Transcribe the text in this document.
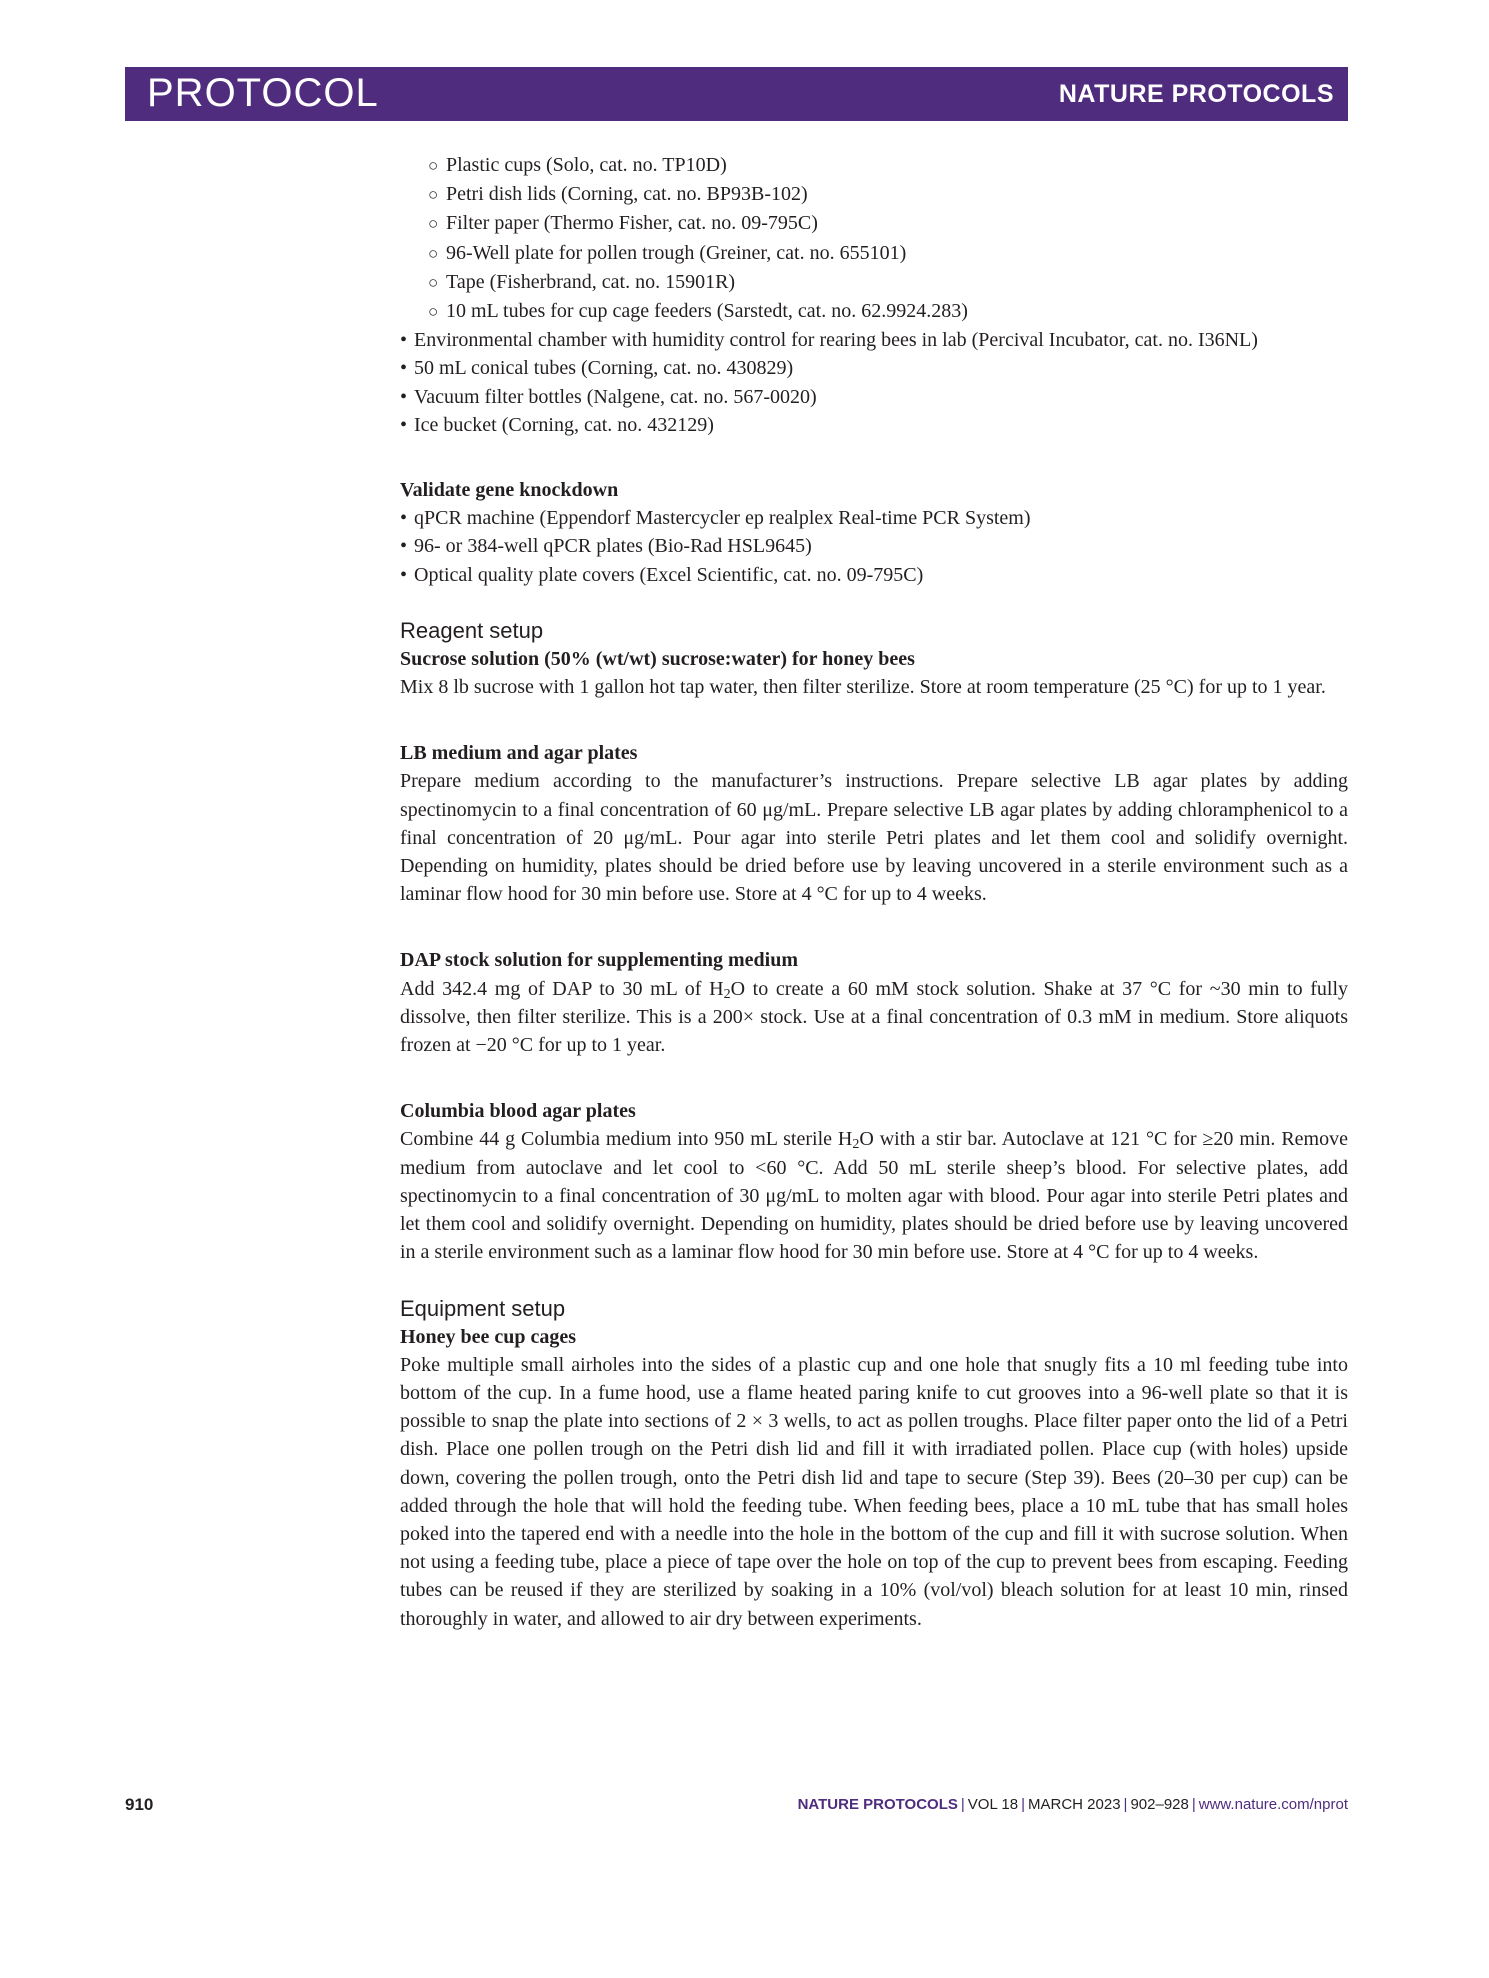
PROTOCOL	NATURE PROTOCOLS
○ Plastic cups (Solo, cat. no. TP10D)
○ Petri dish lids (Corning, cat. no. BP93B-102)
○ Filter paper (Thermo Fisher, cat. no. 09-795C)
○ 96-Well plate for pollen trough (Greiner, cat. no. 655101)
○ Tape (Fisherbrand, cat. no. 15901R)
○ 10 mL tubes for cup cage feeders (Sarstedt, cat. no. 62.9924.283)
• Environmental chamber with humidity control for rearing bees in lab (Percival Incubator, cat. no. I36NL)
• 50 mL conical tubes (Corning, cat. no. 430829)
• Vacuum filter bottles (Nalgene, cat. no. 567-0020)
• Ice bucket (Corning, cat. no. 432129)
Validate gene knockdown
• qPCR machine (Eppendorf Mastercycler ep realplex Real-time PCR System)
• 96- or 384-well qPCR plates (Bio-Rad HSL9645)
• Optical quality plate covers (Excel Scientific, cat. no. 09-795C)
Reagent setup
Sucrose solution (50% (wt/wt) sucrose:water) for honey bees
Mix 8 lb sucrose with 1 gallon hot tap water, then filter sterilize. Store at room temperature (25 °C) for up to 1 year.
LB medium and agar plates
Prepare medium according to the manufacturer’s instructions. Prepare selective LB agar plates by adding spectinomycin to a final concentration of 60 μg/mL. Prepare selective LB agar plates by adding chloramphenicol to a final concentration of 20 μg/mL. Pour agar into sterile Petri plates and let them cool and solidify overnight. Depending on humidity, plates should be dried before use by leaving uncovered in a sterile environment such as a laminar flow hood for 30 min before use. Store at 4 °C for up to 4 weeks.
DAP stock solution for supplementing medium
Add 342.4 mg of DAP to 30 mL of $H_2O$ to create a 60 mM stock solution. Shake at 37 °C for ~30 min to fully dissolve, then filter sterilize. This is a 200× stock. Use at a final concentration of 0.3 mM in medium. Store aliquots frozen at −20 °C for up to 1 year.
Columbia blood agar plates
Combine 44 g Columbia medium into 950 mL sterile $H_2O$ with a stir bar. Autoclave at 121 °C for ≥20 min. Remove medium from autoclave and let cool to <60 °C. Add 50 mL sterile sheep’s blood. For selective plates, add spectinomycin to a final concentration of 30 μg/mL to molten agar with blood. Pour agar into sterile Petri plates and let them cool and solidify overnight. Depending on humidity, plates should be dried before use by leaving uncovered in a sterile environment such as a laminar flow hood for 30 min before use. Store at 4 °C for up to 4 weeks.
Equipment setup
Honey bee cup cages
Poke multiple small airholes into the sides of a plastic cup and one hole that snugly fits a 10 ml feeding tube into bottom of the cup. In a fume hood, use a flame heated paring knife to cut grooves into a 96-well plate so that it is possible to snap the plate into sections of 2 × 3 wells, to act as pollen troughs. Place filter paper onto the lid of a Petri dish. Place one pollen trough on the Petri dish lid and fill it with irradiated pollen. Place cup (with holes) upside down, covering the pollen trough, onto the Petri dish lid and tape to secure (Step 39). Bees (20–30 per cup) can be added through the hole that will hold the feeding tube. When feeding bees, place a 10 mL tube that has small holes poked into the tapered end with a needle into the hole in the bottom of the cup and fill it with sucrose solution. When not using a feeding tube, place a piece of tape over the hole on top of the cup to prevent bees from escaping. Feeding tubes can be reused if they are sterilized by soaking in a 10% (vol/vol) bleach solution for at least 10 min, rinsed thoroughly in water, and allowed to air dry between experiments.
910	NATURE PROTOCOLS | VOL 18 | MARCH 2023 | 902–928 | www.nature.com/nprot
